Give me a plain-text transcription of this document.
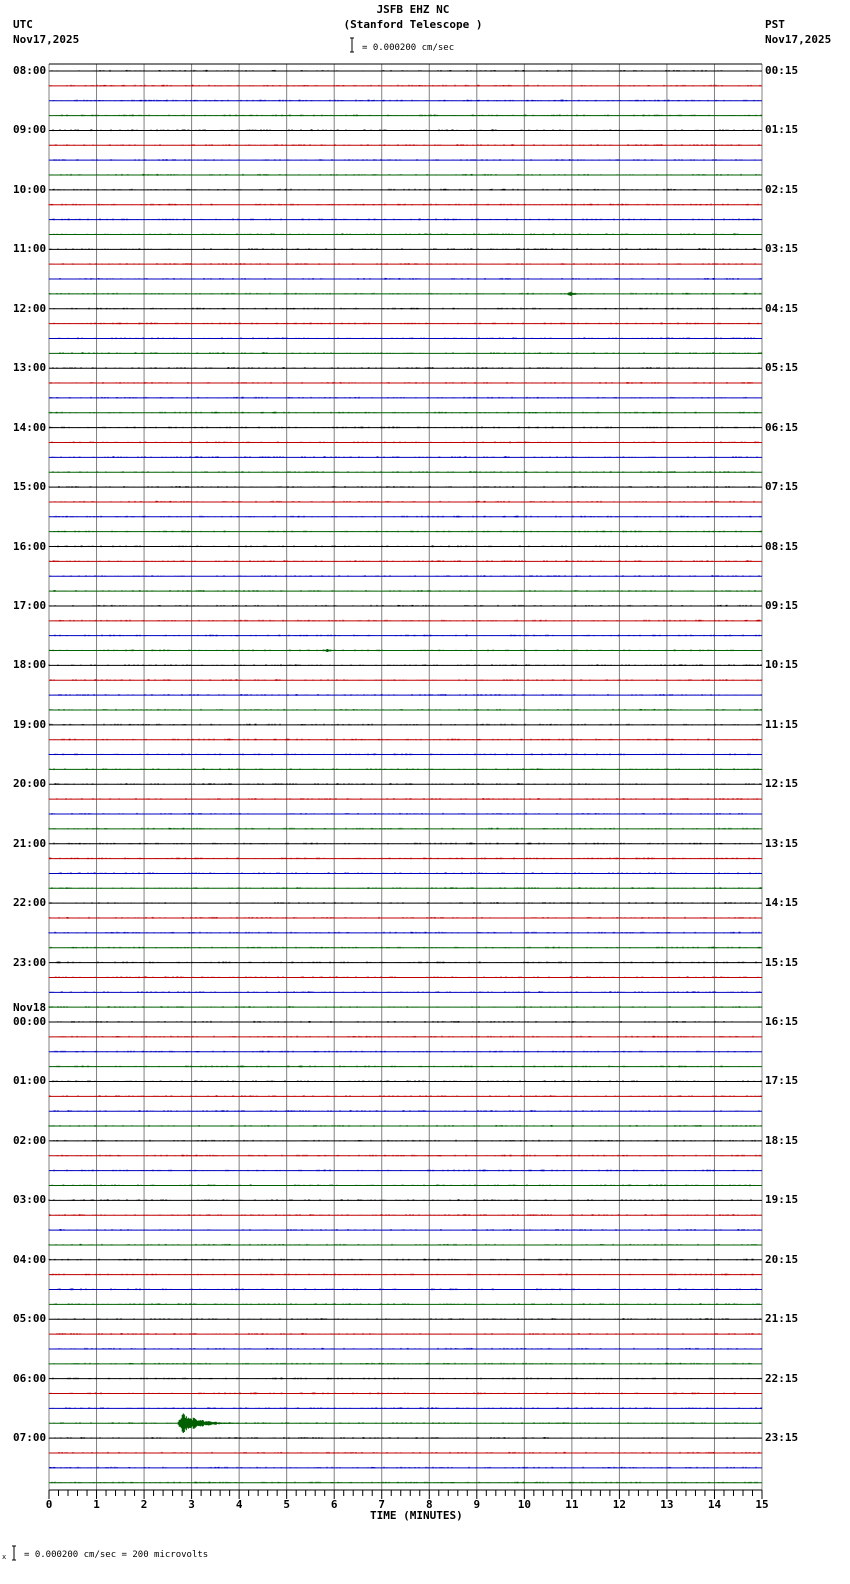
JSFB EHZ NC
(Stanford Telescope )
UTC
Nov17,2025
PST
Nov17,2025
= 0.000200 cm/sec
TIME (MINUTES)
x = 0.000200 cm/sec = 200 microvolts
08:00
09:00
10:00
11:00
12:00
13:00
14:00
15:00
16:00
17:00
18:00
19:00
20:00
21:00
22:00
23:00
00:00
Nov18
01:00
02:00
03:00
04:00
05:00
06:00
07:00
00:15
01:15
02:15
03:15
04:15
05:15
06:15
07:15
08:15
09:15
10:15
11:15
12:15
13:15
14:15
15:15
16:15
17:15
18:15
19:15
20:15
21:15
22:15
23:15
0	1	2	3	4	5	6	7	8	9	10	11	12	13	14	15
